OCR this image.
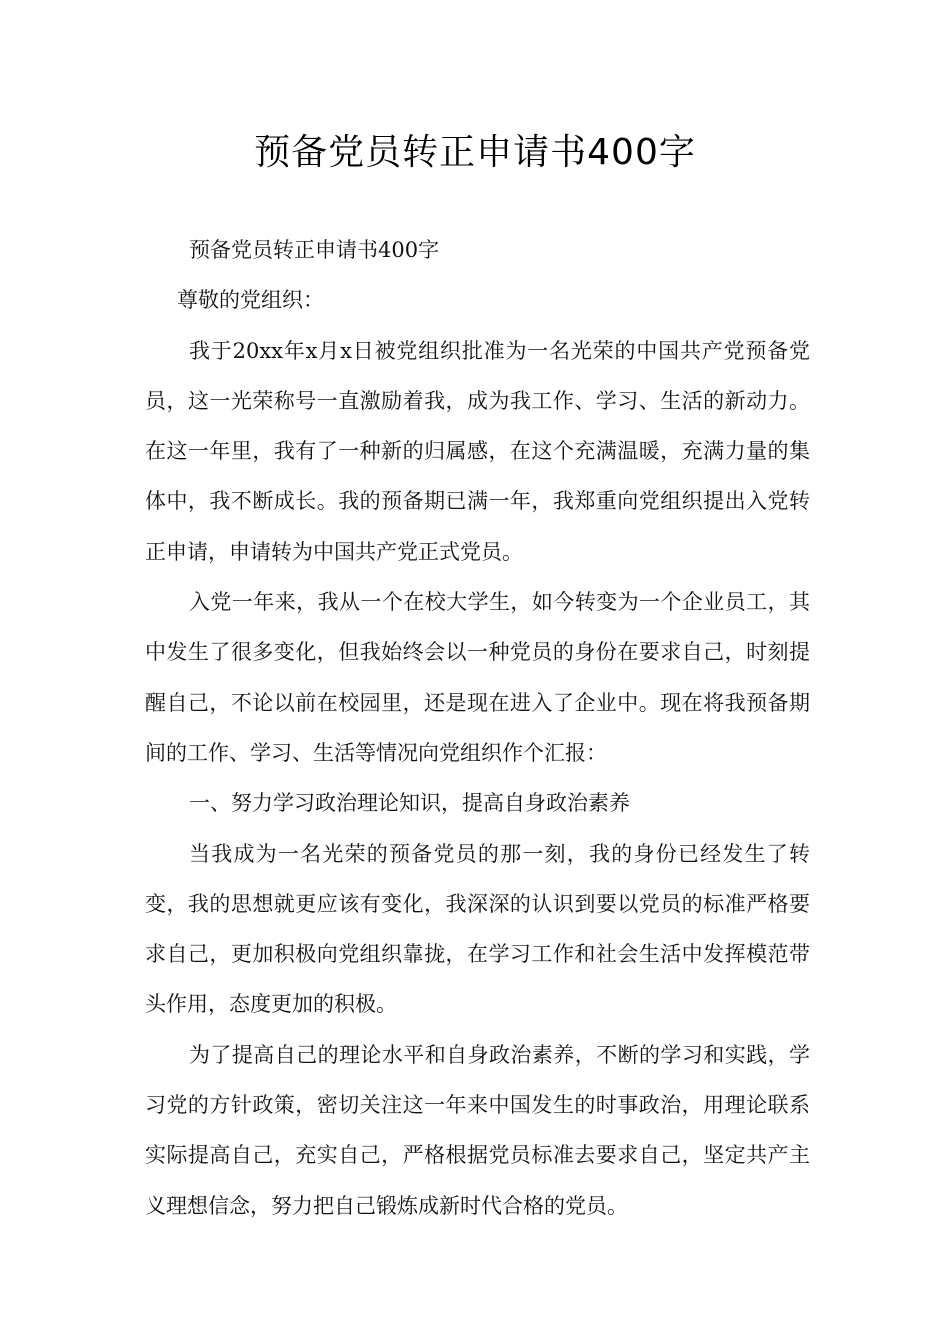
预备党员转正申请书400字

预备党员转正申请书400字

尊敬的党组织：

我于20xx年x月x日被党组织批准为一名光荣的中国共产党预备党员，这一光荣称号一直激励着我，成为我工作、学习、生活的新动力。在这一年里，我有了一种新的归属感，在这个充满温暖，充满力量的集体中，我不断成长。我的预备期已满一年，我郑重向党组织提出入党转正申请，申请转为中国共产党正式党员。

入党一年来，我从一个在校大学生，如今转变为一个企业员工，其中发生了很多变化，但我始终会以一种党员的身份在要求自己，时刻提醒自己，不论以前在校园里，还是现在进入了企业中。现在将我预备期间的工作、学习、生活等情况向党组织作个汇报：

一、努力学习政治理论知识，提高自身政治素养

当我成为一名光荣的预备党员的那一刻，我的身份已经发生了转变，我的思想就更应该有变化，我深深的认识到要以党员的标准严格要求自己，更加积极向党组织靠拢，在学习工作和社会生活中发挥模范带头作用，态度更加的积极。

为了提高自己的理论水平和自身政治素养，不断的学习和实践，学习党的方针政策，密切关注这一年来中国发生的时事政治，用理论联系实际提高自己，充实自己，严格根据党员标准去要求自己，坚定共产主义理想信念，努力把自己锻炼成新时代合格的党员。
